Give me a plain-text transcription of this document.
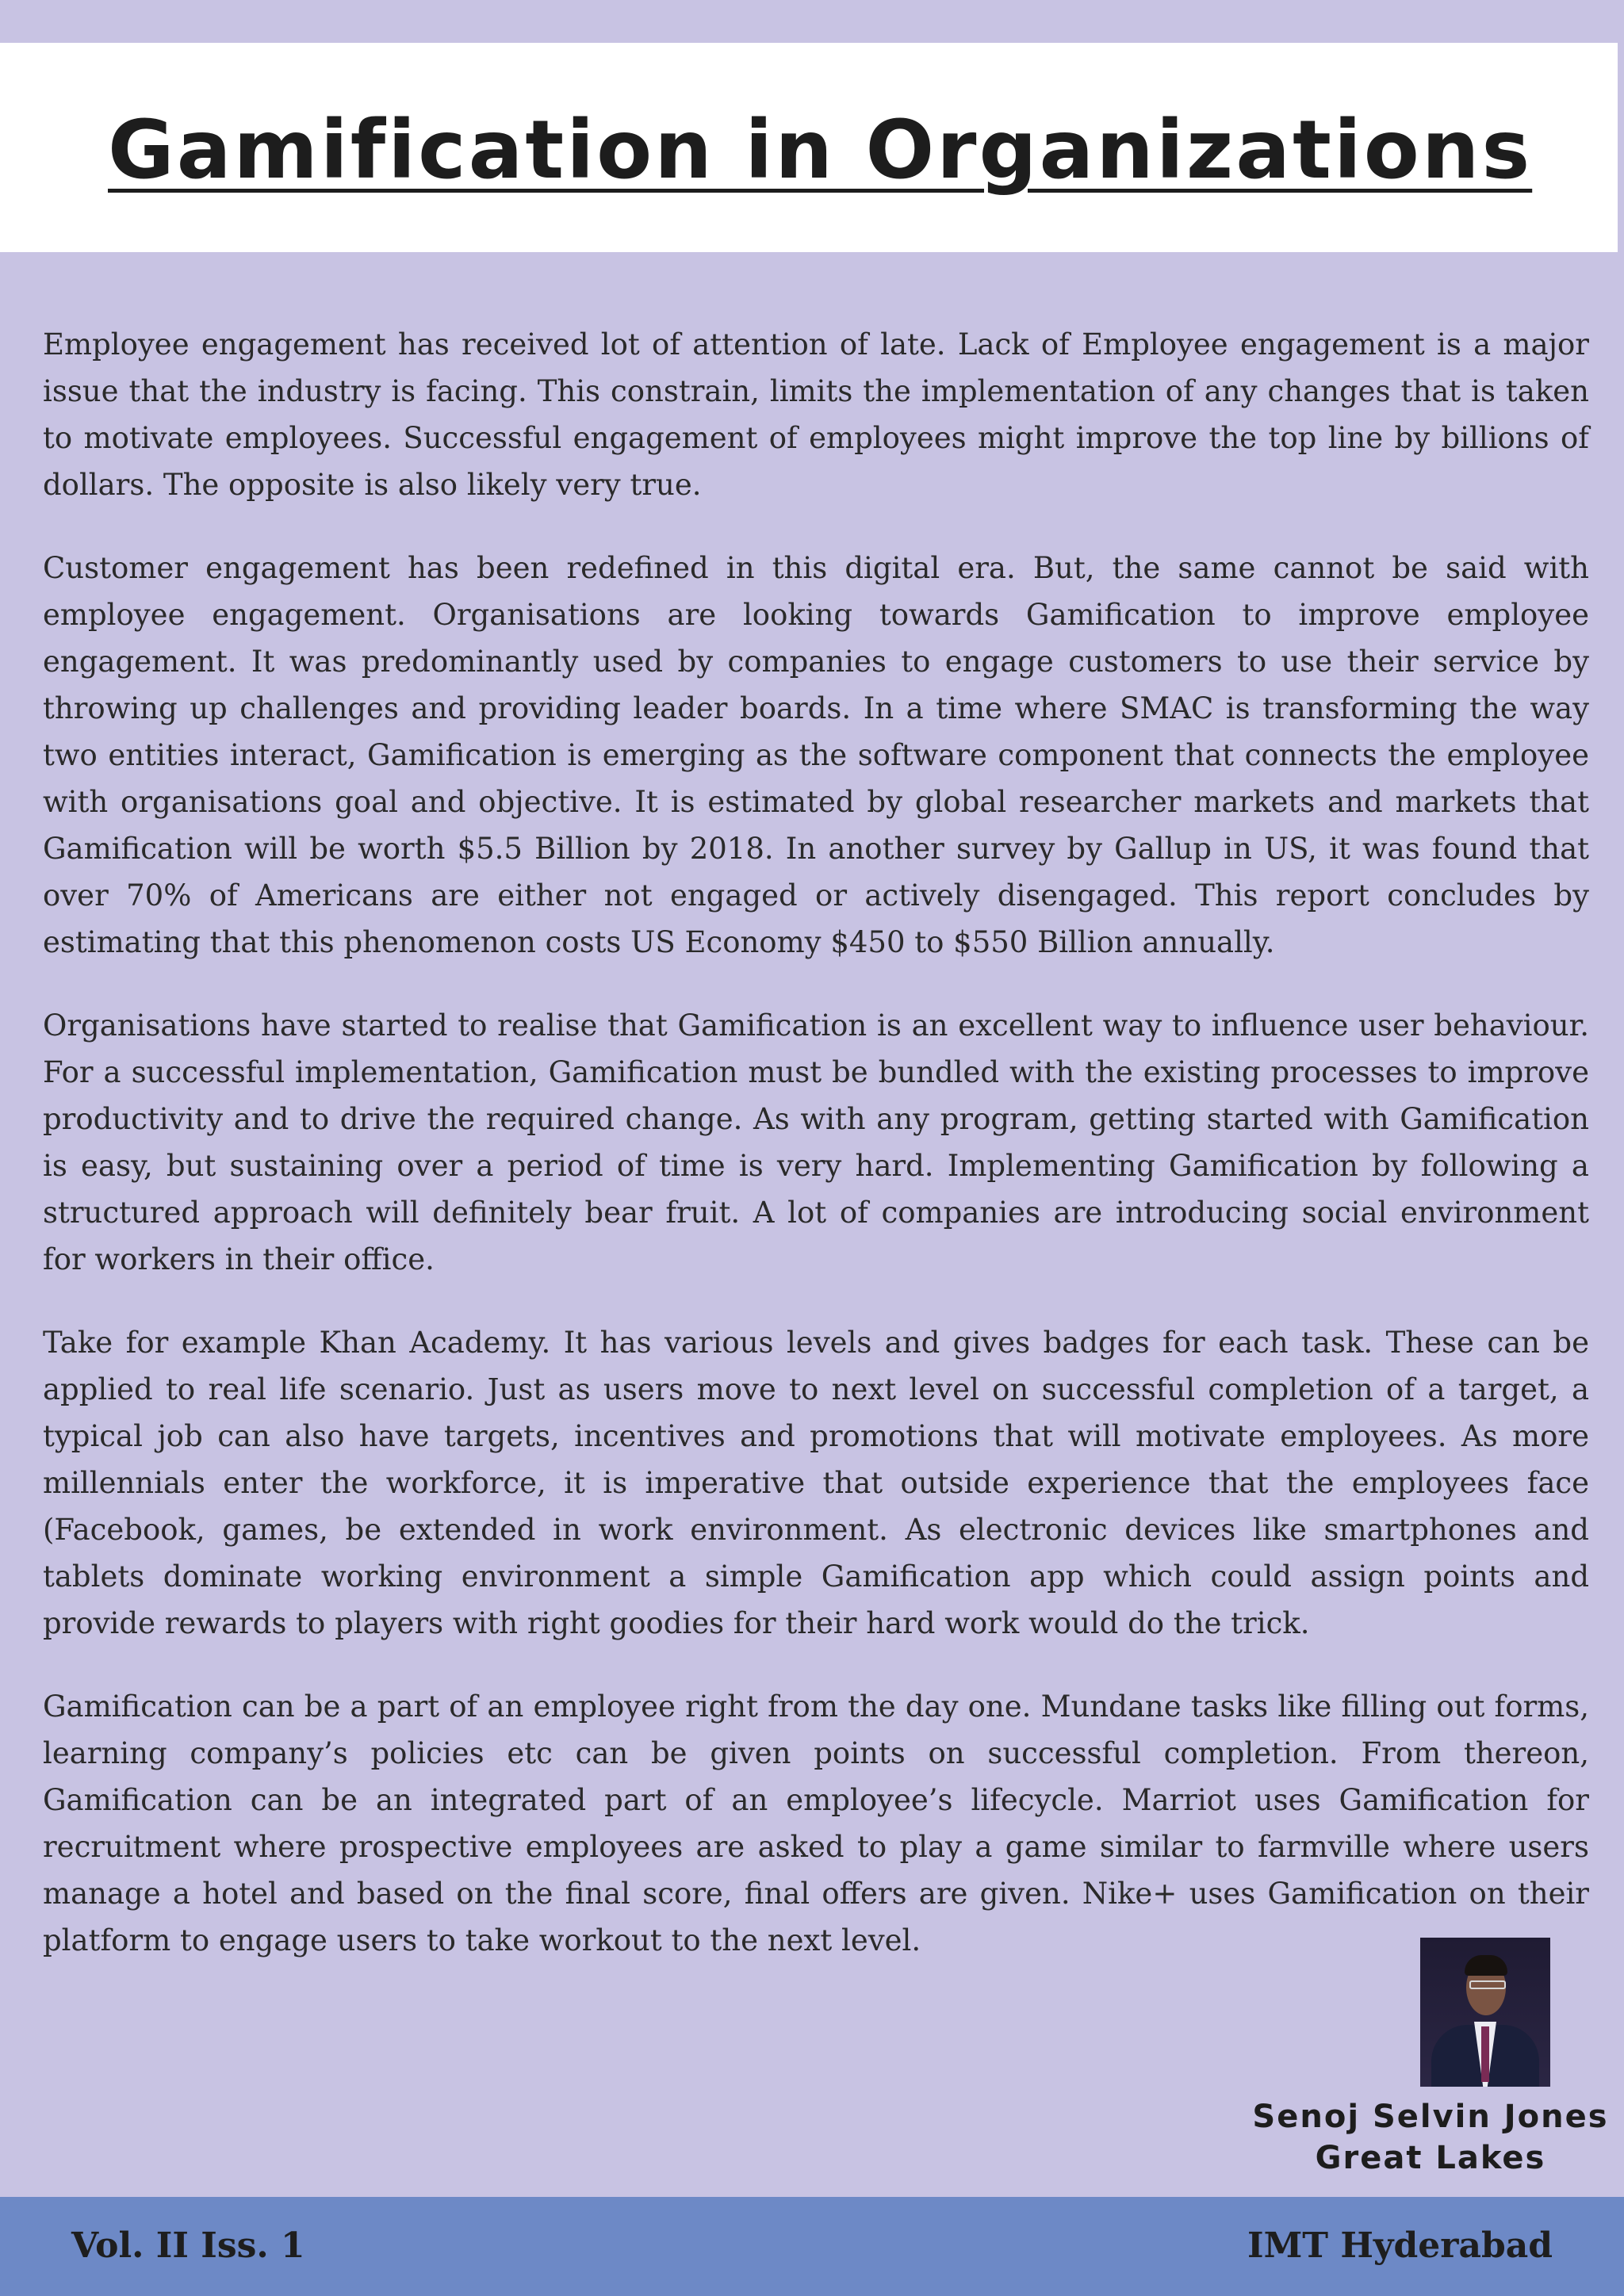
Gamification in Organizations

Employee engagement has received lot of attention of late. Lack of Employee engagement is a major issue that the industry is facing. This constrain, limits the implementation of any changes that is taken to motivate employees. Successful engagement of employees might improve the top line by billions of dollars. The opposite is also likely very true.

Customer engagement has been redefined in this digital era. But, the same cannot be said with employee engagement. Organisations are looking towards Gamification to improve employee engagement. It was predominantly used by companies to engage customers to use their service by throwing up challenges and providing leader boards. In a time where SMAC is transforming the way two entities interact, Gamification is emerging as the software component that connects the employee with organisations goal and objective. It is estimated by global researcher markets and markets that Gamification will be worth $5.5 Billion by 2018. In another survey by Gallup in US, it was found that over 70% of Americans are either not engaged or actively disengaged. This report concludes by estimating that this phenomenon costs US Economy $450 to $550 Billion annually.

Organisations have started to realise that Gamification is an excellent way to influence user behaviour. For a successful implementation, Gamification must be bundled with the existing processes to improve productivity and to drive the required change. As with any program, getting started with Gamification is easy, but sustaining over a period of time is very hard. Implementing Gamification by following a structured approach will definitely bear fruit. A lot of companies are introducing social environment for workers in their office.

Take for example Khan Academy. It has various levels and gives badges for each task. These can be applied to real life scenario. Just as users move to next level on successful completion of a target, a typical job can also have targets, incentives and promotions that will motivate employees. As more millennials enter the workforce, it is imperative that outside experience that the employees face (Facebook, games, be extended in work environment. As electronic devices like smartphones and tablets dominate working environment a simple Gamification app which could assign points and provide rewards to players with right goodies for their hard work would do the trick.

Gamification can be a part of an employee right from the day one. Mundane tasks like filling out forms, learning company’s policies etc can be given points on successful completion. From thereon, Gamification can be an integrated part of an employee’s lifecycle. Marriot uses Gamification for recruitment where prospective employees are asked to play a game similar to farmville where users manage a hotel and based on the final score, final offers are given. Nike+ uses Gamification on their platform to engage users to take workout to the next level.

Senoj Selvin Jones
Great Lakes
Vol. II Iss. 1	IMT Hyderabad
